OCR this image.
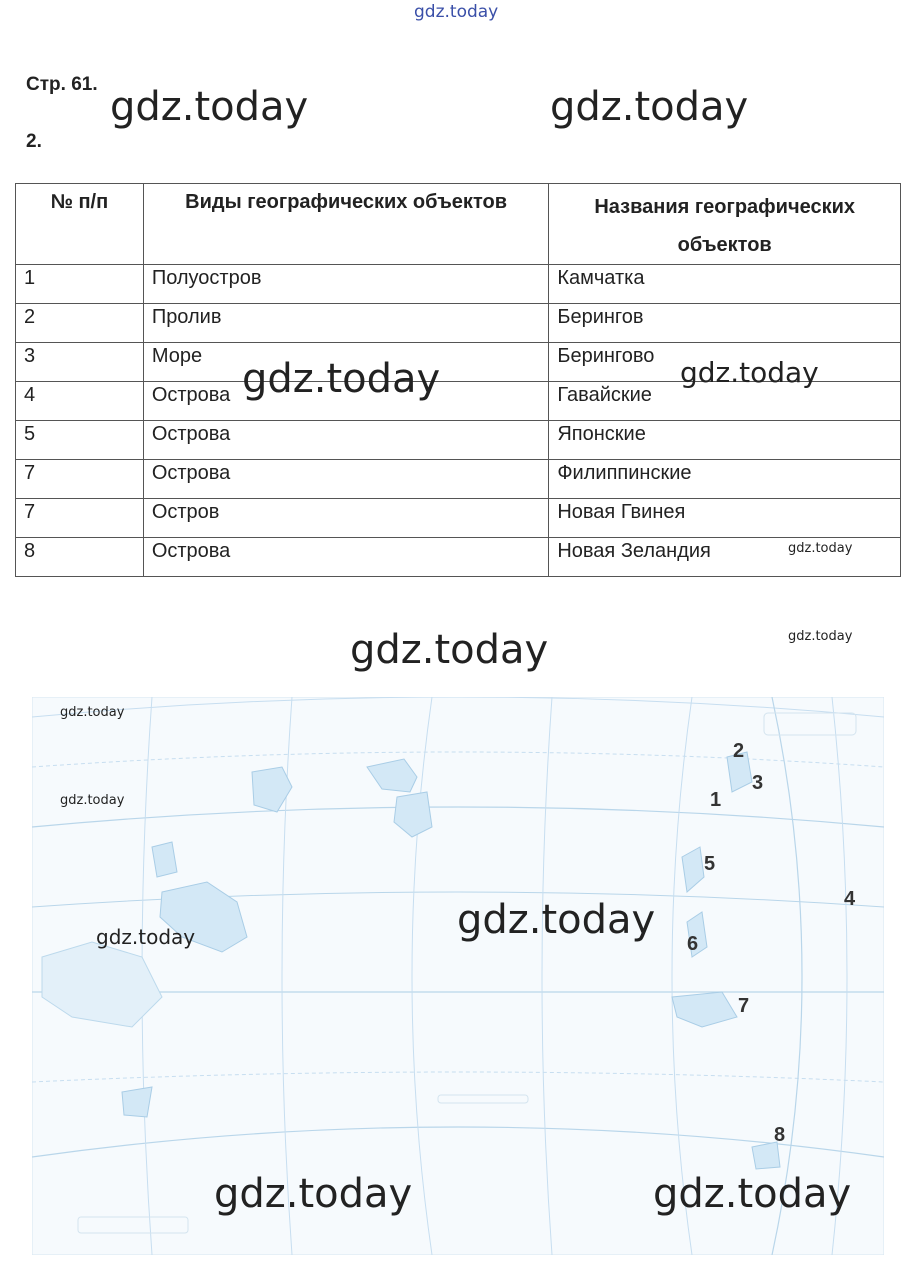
gdz.today
Стр. 61.
2.
gdz.today	gdz.today
№ п/п	Виды географических объектов	Названия географических объектов
1	Полуостров	Камчатка
2	Пролив	Берингов
3	Море	Берингово
4	Острова	Гавайские
5	Острова	Японские
7	Острова	Филиппинские
7	Остров	Новая Гвинея
8	Острова	Новая Зеландия
gdz.today	gdz.today
gdz.today
gdz.today	gdz.today
gdz.today
gdz.today
gdz.today	gdz.today
gdz.today	gdz.today
2
3
1
5
4
6
7
8
